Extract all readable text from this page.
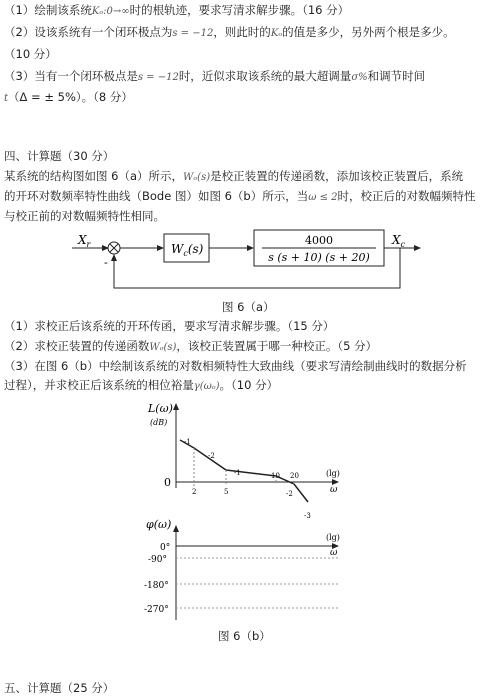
（1）绘制该系统Kₒ:0→∞时的根轨迹，要求写清求解步骤。（16 分）
（2）设该系统有一个闭环极点为s = −12，则此时的Kₒ的值是多少，另外两个根是多少。
（10 分）
（3）当有一个闭环极点是s = −12时，近似求取该系统的最大超调量σ%和调节时间
t（Δ = ± 5%）。（8 分）
四、计算题（30 分）
某系统的结构图如图 6（a）所示，Wₒ(s)是校正装置的传递函数，添加该校正装置后，系统
的开环对数频率特性曲线（Bode 图）如图 6（b）所示，当ω ≤ 2时，校正后的对数幅频特性
与校正前的对数幅频特性相同。
$X_r$
-
$W_c(s)$
4000
s (s + 10) (s + 20)
$X_c$
图 6（a）
（1）求校正后该系统的开环传函，要求写清求解步骤。（15 分）
（2）求校正装置的传递函数Wₒ(s)，该校正装置属于哪一种校正。（5 分）
（3）在图 6（b）中绘制该系统的对数相频特性大致曲线（要求写清绘制曲线时的数据分析
过程），并求校正后该系统的相位裕量γ(ωₒ)。（10 分）
L(ω)
(dB)
0
(lg)
ω
-1
-2
-1
-2
-3
2	5
10 20
φ(ω)
0°
(lg)
ω
-90°
-180°
-270°
图 6（b）
五、计算题（25 分）
